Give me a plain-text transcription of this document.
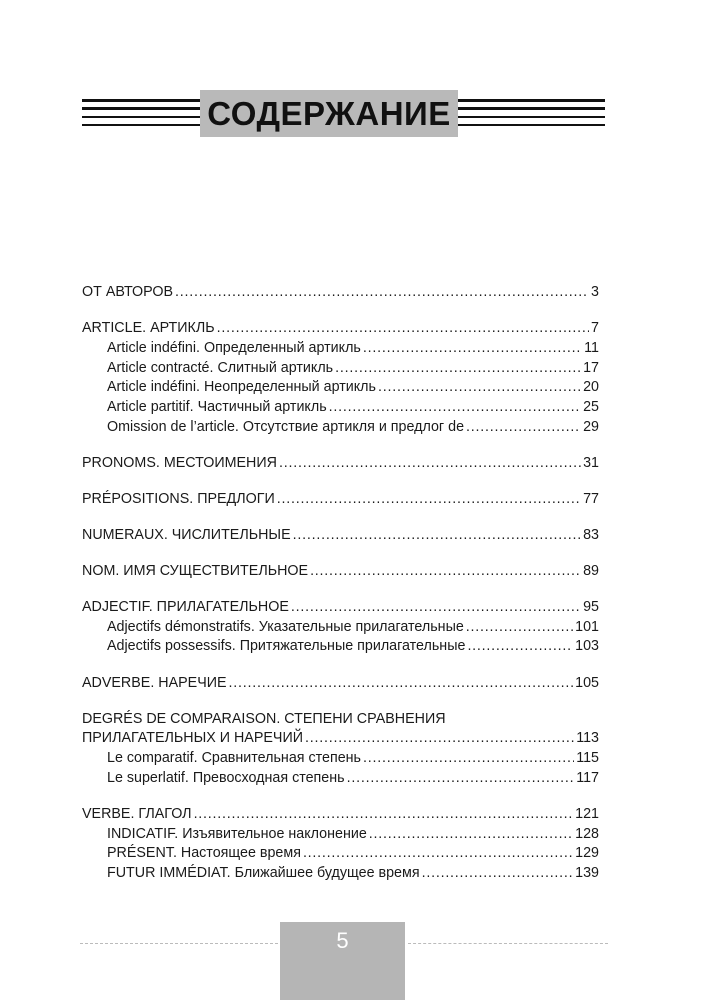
СОДЕРЖАНИЕ
ОТ АВТОРОВ . . .	3
ARTICLE. АРТИКЛЬ . . .	7
Article indéfini. Определенный артикль . . .	11
Article contracté. Слитный артикль . . .	17
Article indéfini. Неопределенный артикль . . .	20
Article partitif. Частичный артикль . . .	25
Omission de l’article. Отсутствие артикля и предлог de . . .	29
PRONOMS. МЕСТОИМЕНИЯ . . .	31
PRÉPOSITIONS. ПРЕДЛОГИ . . .	77
NUMERAUX. ЧИСЛИТЕЛЬНЫЕ . . .	83
NOM. ИМЯ СУЩЕСТВИТЕЛЬНОЕ . . .	89
ADJECTIF. ПРИЛАГАТЕЛЬНОЕ . . .	95
Adjectifs démonstratifs. Указательные прилагательные . . .	101
Adjectifs possessifs. Притяжательные прилагательные . . .	103
ADVERBE. НАРЕЧИЕ . . .	105
DEGRÉS DE COMPARAISON. СТЕПЕНИ СРАВНЕНИЯ
ПРИЛАГАТЕЛЬНЫХ И НАРЕЧИЙ . . .	113
Le comparatif. Сравнительная степень . . .	115
Le superlatif. Превосходная степень . . .	117
VERBE. ГЛАГОЛ . . .	121
INDICATIF. Изъявительное наклонение . . .	128
PRÉSENT. Настоящее время . . .	129
FUTUR IMMÉDIAT. Ближайшее будущее время . . .	139
5
